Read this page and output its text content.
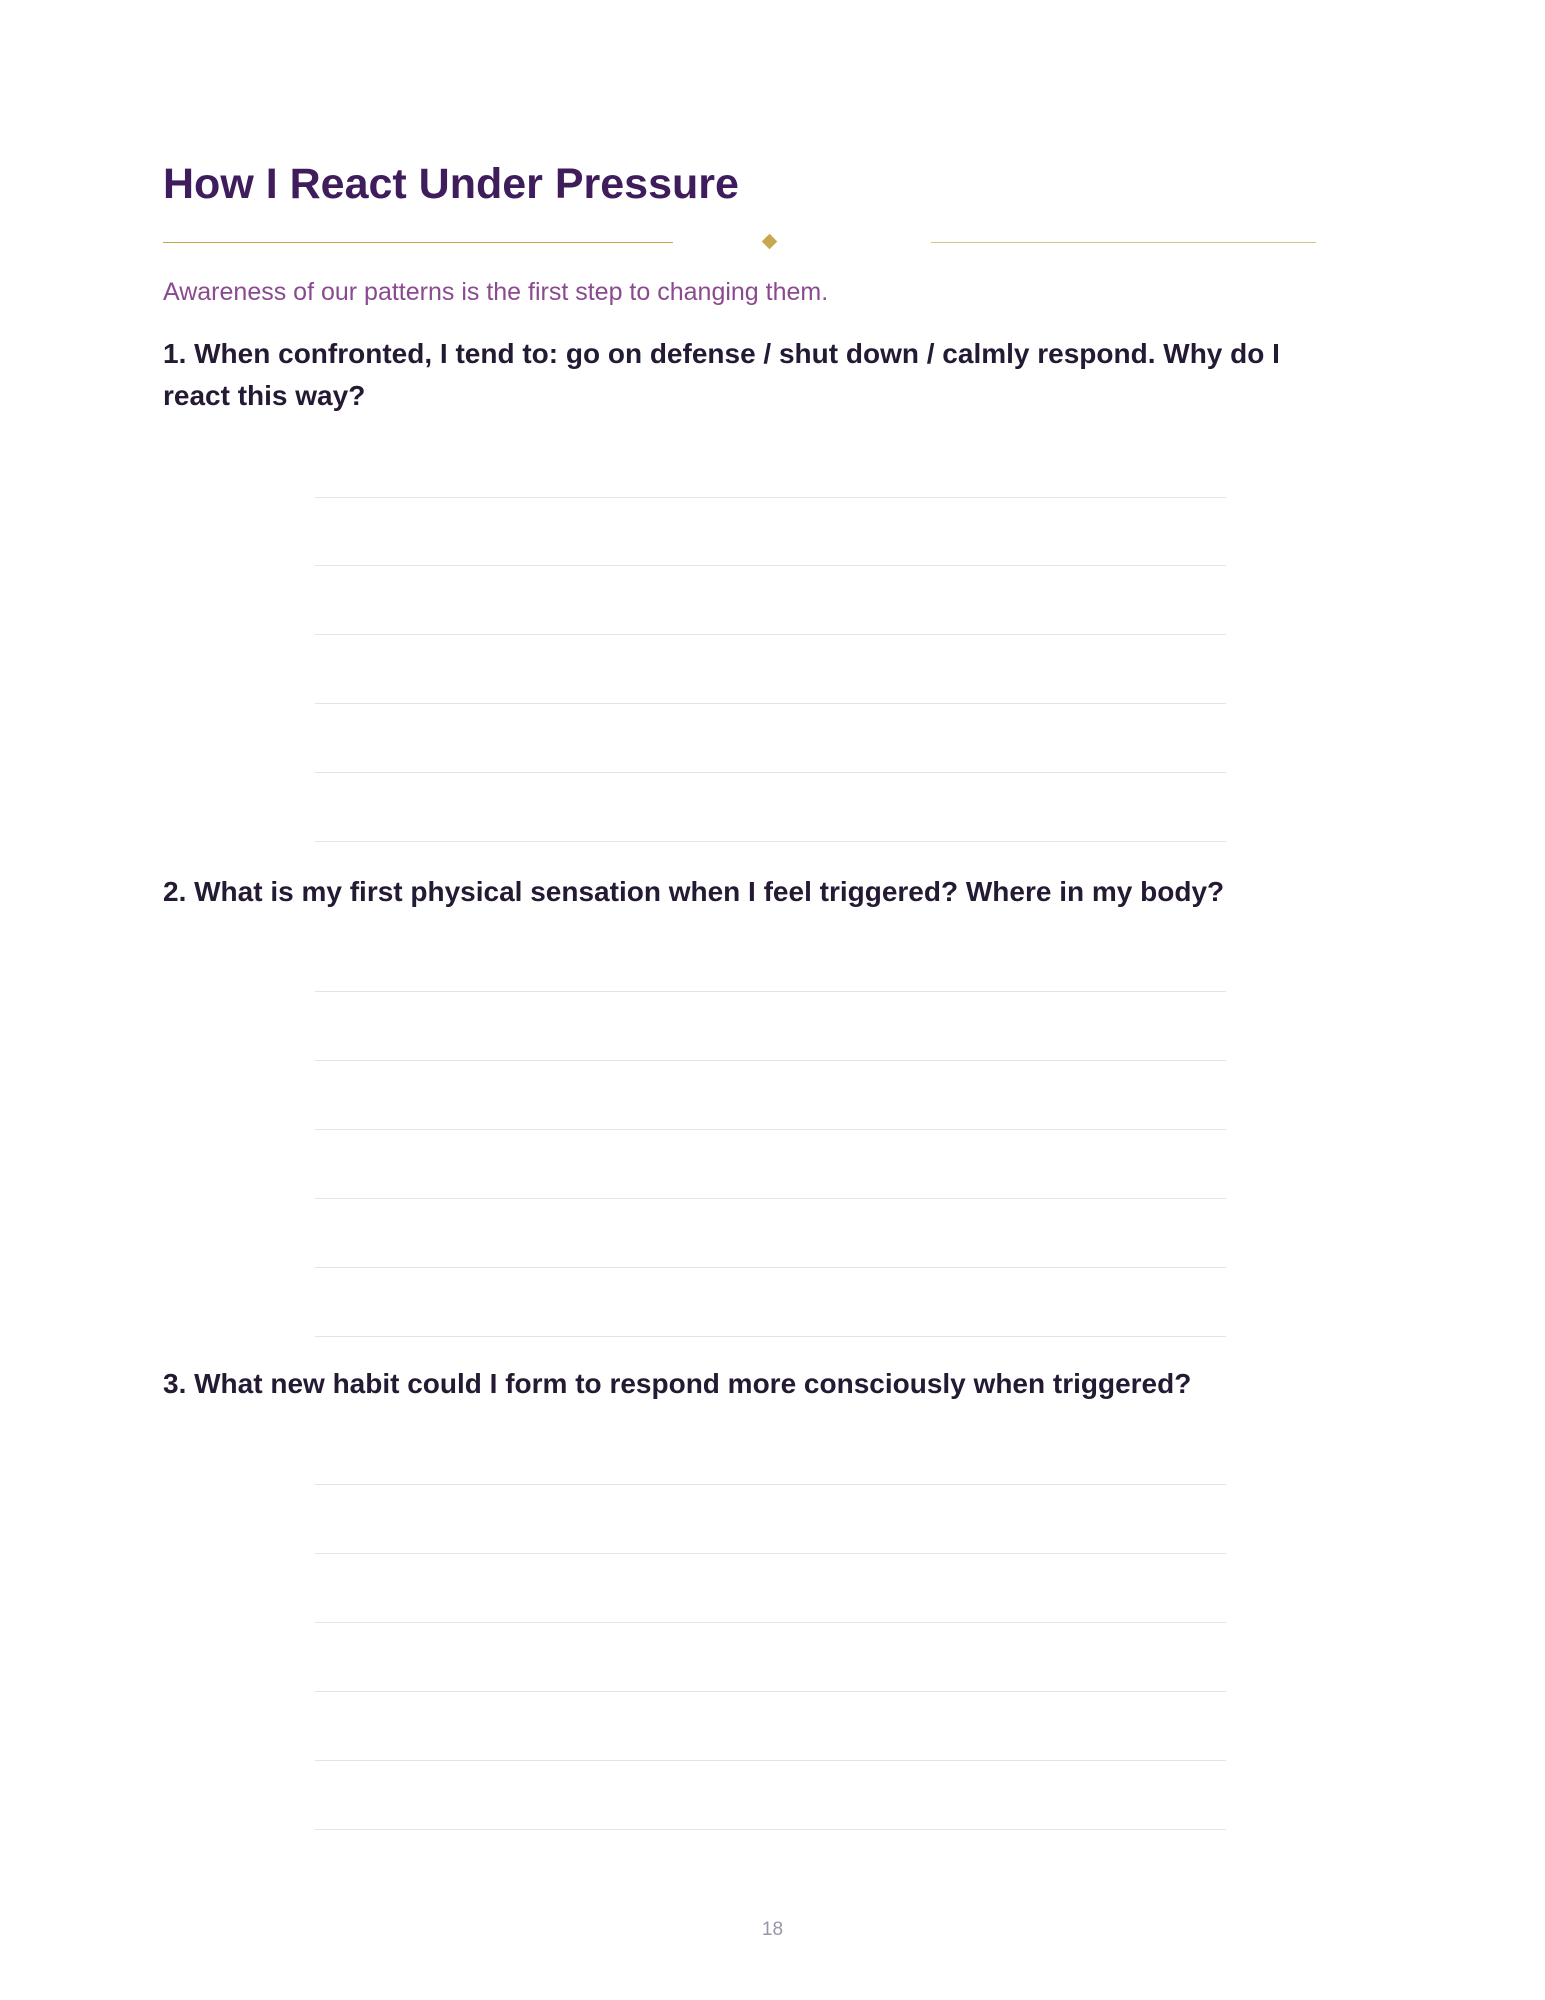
How I React Under Pressure

Awareness of our patterns is the first step to changing them.

1. When confronted, I tend to: go on defense / shut down / calmly respond. Why do I react this way?

2. What is my first physical sensation when I feel triggered? Where in my body?

3. What new habit could I form to respond more consciously when triggered?

18
